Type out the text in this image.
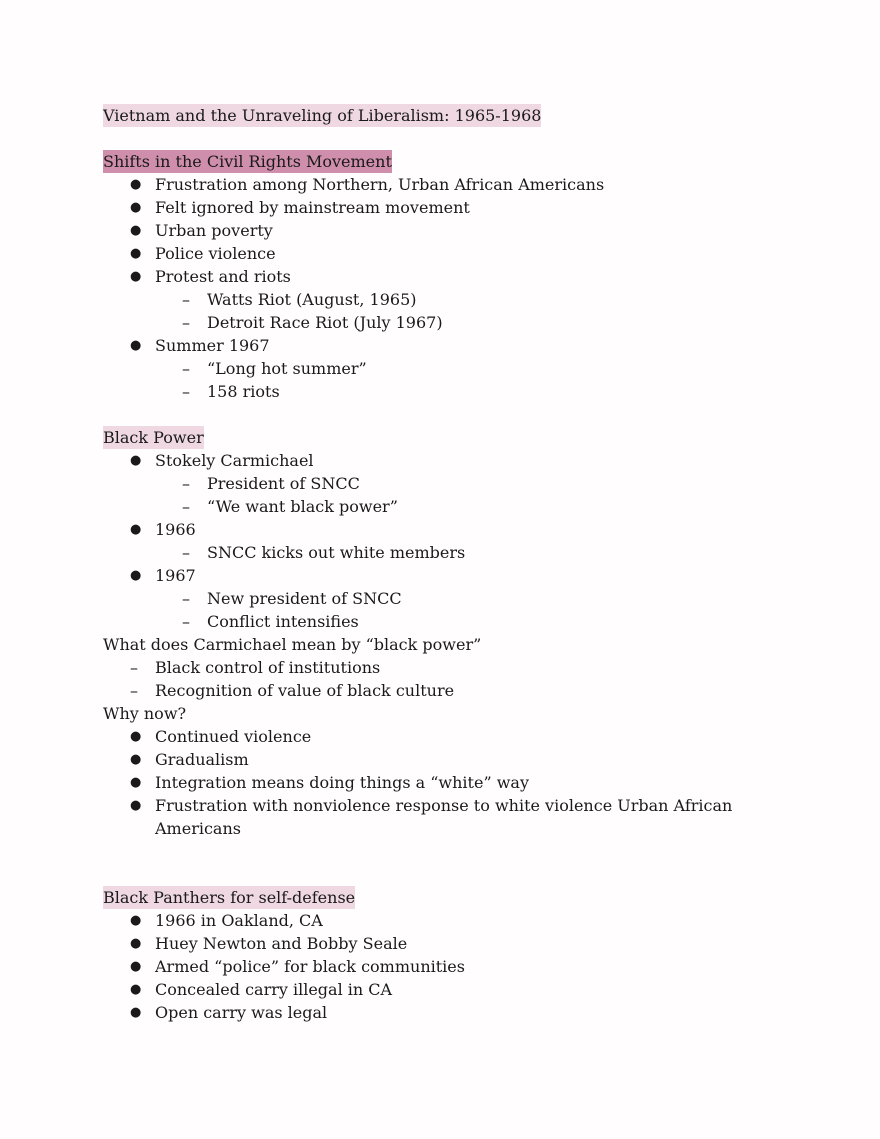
Vietnam and the Unraveling of Liberalism: 1965-1968
Shifts in the Civil Rights Movement
● Frustration among Northern, Urban African Americans
● Felt ignored by mainstream movement
● Urban poverty
● Police violence
● Protest and riots
– Watts Riot (August, 1965)
– Detroit Race Riot (July 1967)
● Summer 1967
– “Long hot summer”
– 158 riots
Black Power
● Stokely Carmichael
– President of SNCC
– “We want black power”
● 1966
– SNCC kicks out white members
● 1967
– New president of SNCC
– Conflict intensifies
What does Carmichael mean by “black power”
– Black control of institutions
– Recognition of value of black culture
Why now?
● Continued violence
● Gradualism
● Integration means doing things a “white” way
● Frustration with nonviolence response to white violence Urban African
Americans
Black Panthers for self-defense
● 1966 in Oakland, CA
● Huey Newton and Bobby Seale
● Armed “police” for black communities
● Concealed carry illegal in CA
● Open carry was legal
